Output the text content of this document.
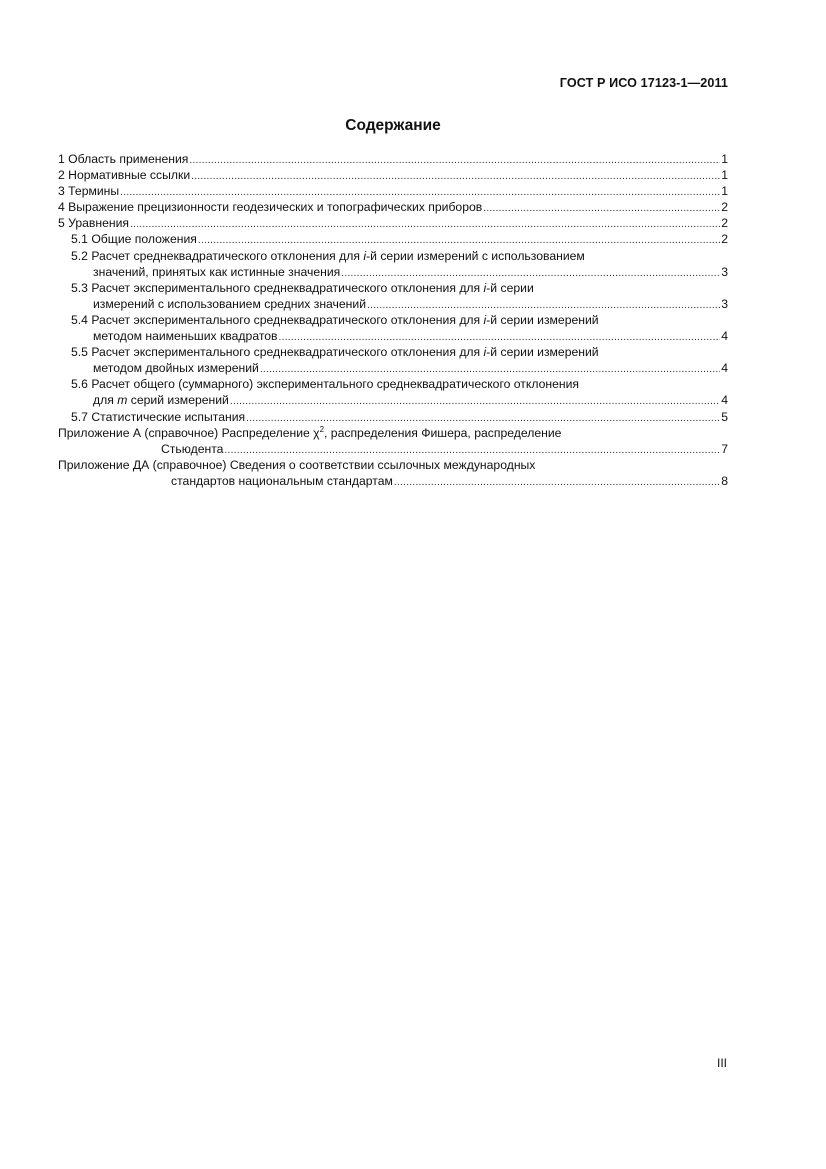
ГОСТ Р ИСО 17123-1—2011
Содержание
1 Область применения .....	1
2 Нормативные ссылки .....	1
3 Термины .....	1
4 Выражение прецизионности геодезических и топографических приборов .....	2
5 Уравнения .....	2
5.1 Общие положения .....	2
5.2 Расчет среднеквадратического отклонения для i-й серии измерений с использованием
значений, принятых как истинные значения .....	3
5.3 Расчет экспериментального среднеквадратического отклонения для i-й серии
измерений с использованием средних значений .....	3
5.4 Расчет экспериментального среднеквадратического отклонения для i-й серии измерений
методом наименьших квадратов .....	4
5.5 Расчет экспериментального среднеквадратического отклонения для i-й серии измерений
методом двойных измерений .....	4
5.6 Расчет общего (суммарного) экспериментального среднеквадратического отклонения
для m серий измерений .....	4
5.7 Статистические испытания .....	5
Приложение А (справочное) Распределение $\chi^2$, распределения Фишера, распределение
Стьюдента .....	7
Приложение ДА (справочное) Сведения о соответствии ссылочных международных
стандартов национальным стандартам .....	8
III
